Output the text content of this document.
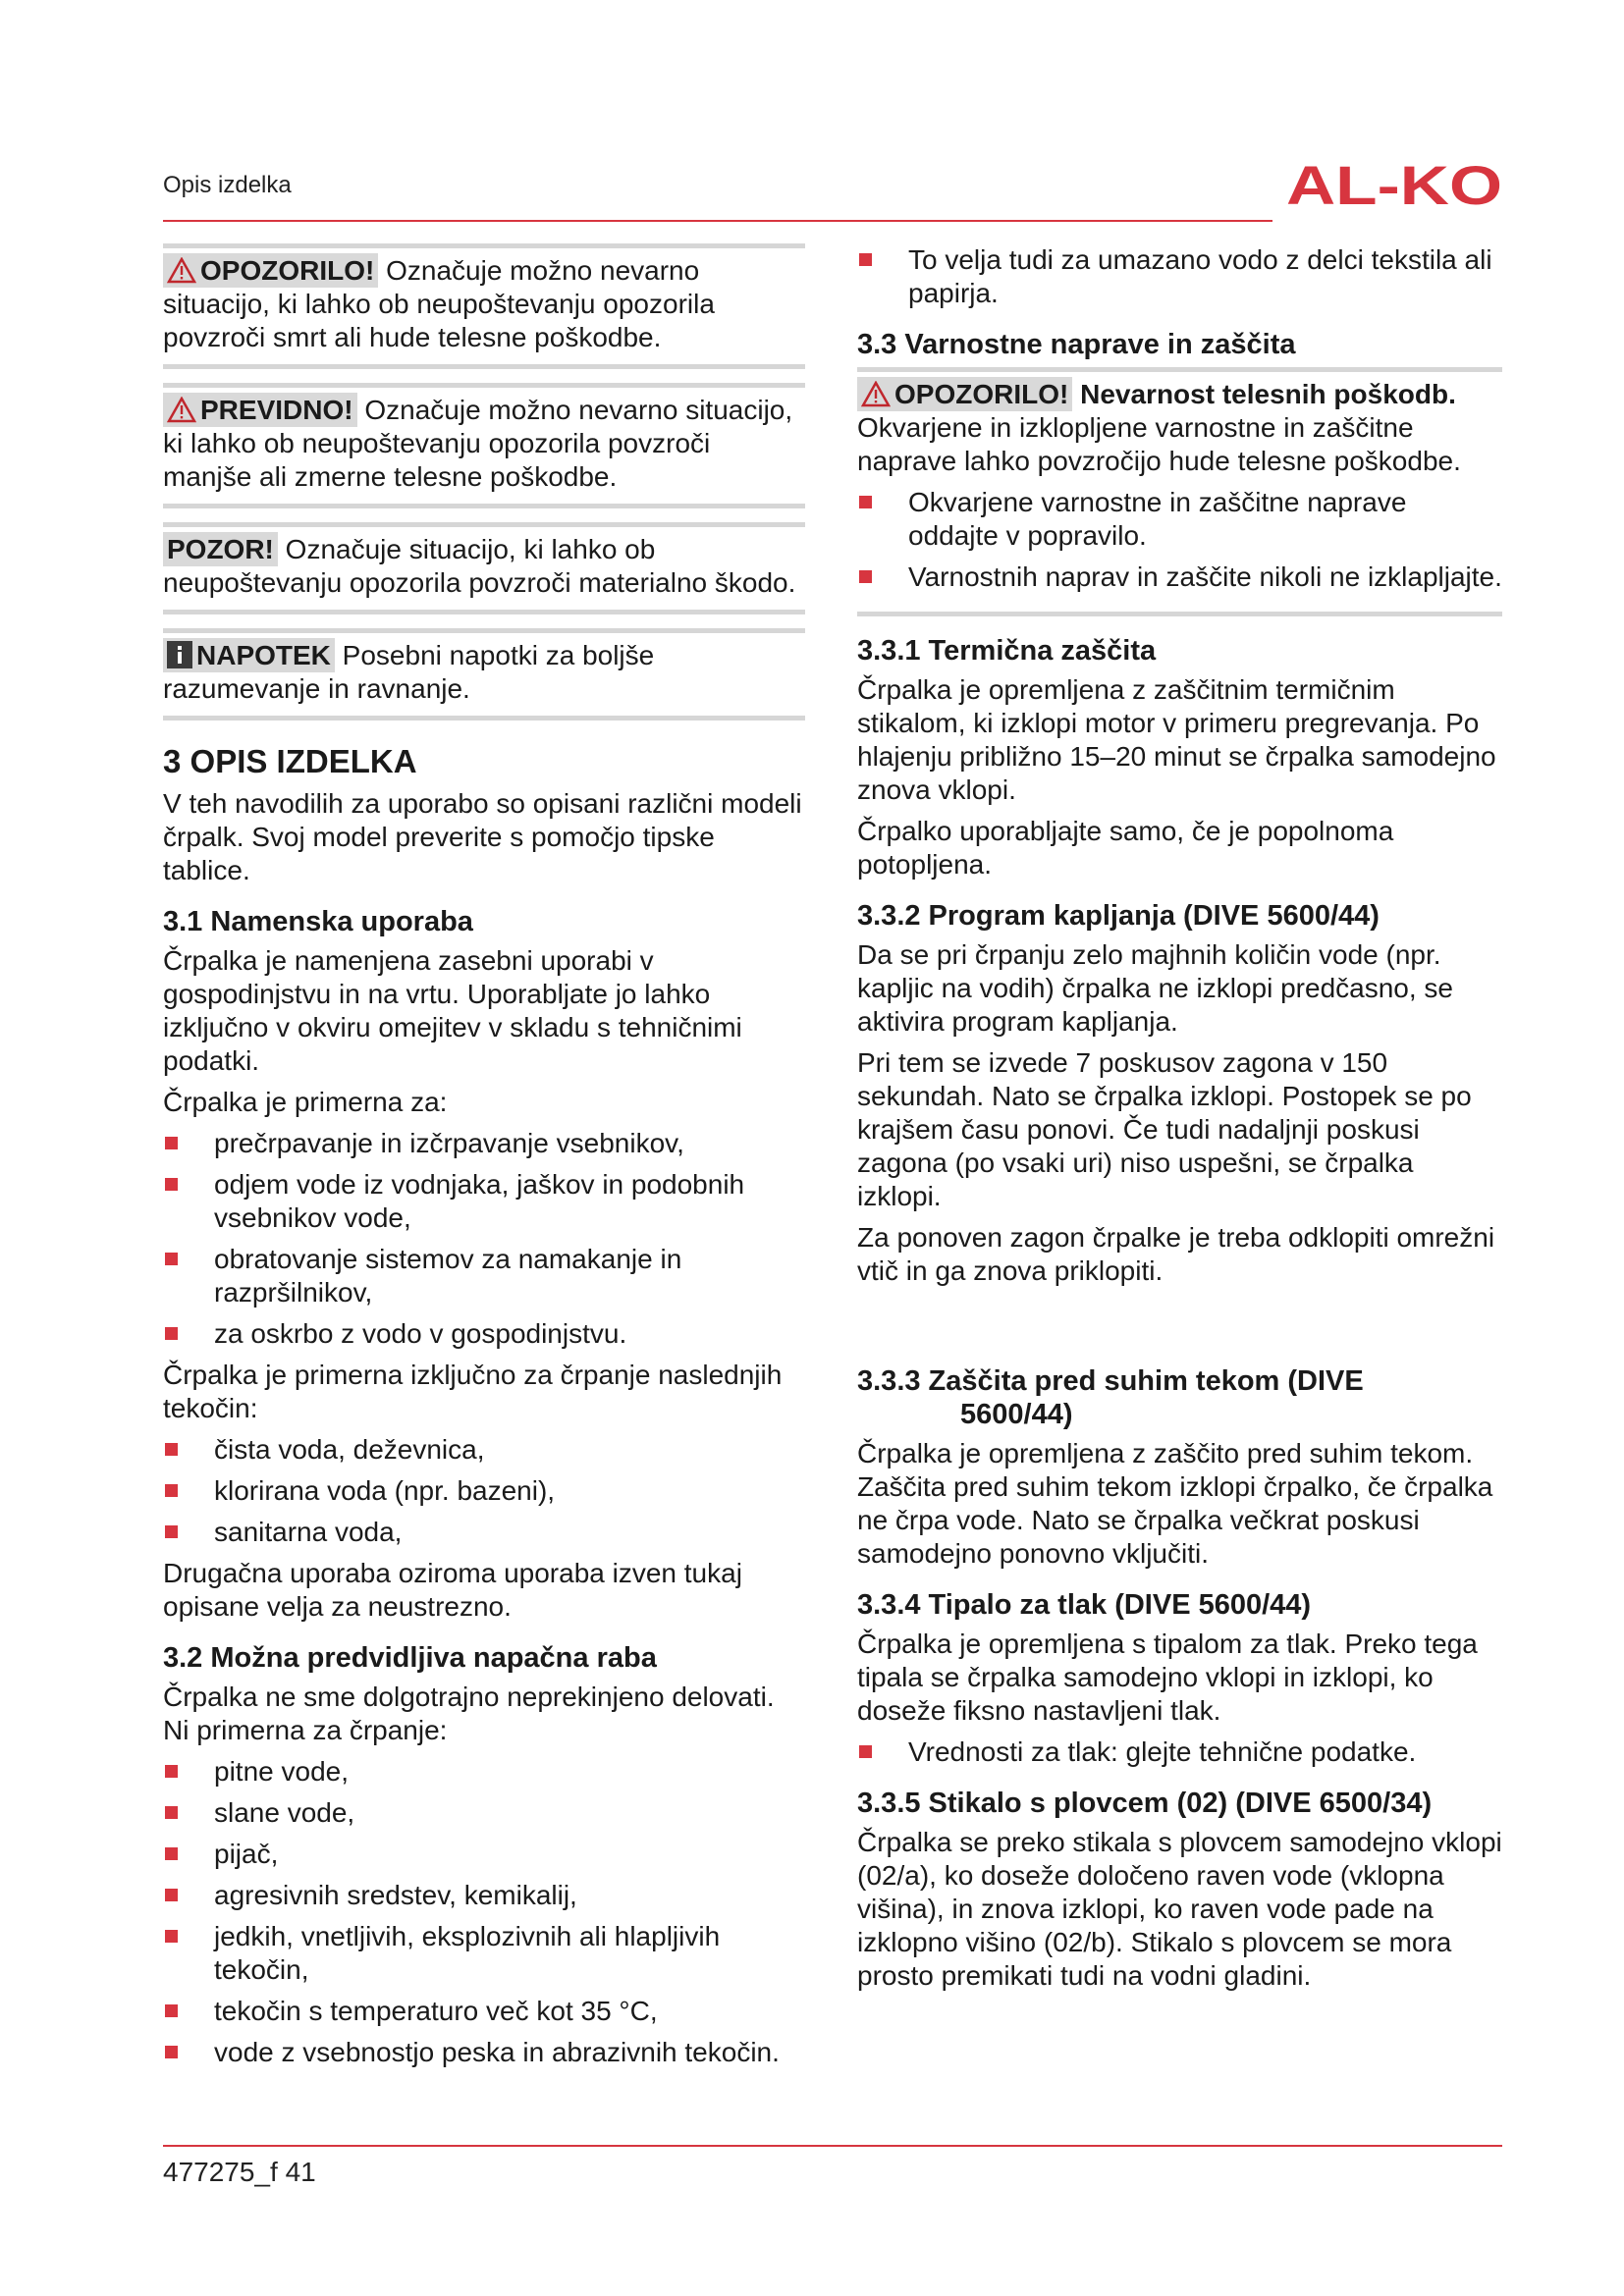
Opis izdelka	AL-KO

OPOZORILO! Označuje možno nevarno situacijo, ki lahko ob neupoštevanju opozorila povzroči smrt ali hude telesne poškodbe.

PREVIDNO! Označuje možno nevarno situacijo, ki lahko ob neupoštevanju opozorila povzroči manjše ali zmerne telesne poškodbe.

POZOR! Označuje situacijo, ki lahko ob neupoštevanju opozorila povzroči materialno škodo.

NAPOTEK Posebni napotki za boljše razumevanje in ravnanje.

3 OPIS IZDELKA

V teh navodilih za uporabo so opisani različni modeli črpalk. Svoj model preverite s pomočjo tipske tablice.

3.1 Namenska uporaba

Črpalka je namenjena zasebni uporabi v gospodinjstvu in na vrtu. Uporabljate jo lahko izključno v okviru omejitev v skladu s tehničnimi podatki.

Črpalka je primerna za:

prečrpavanje in izčrpavanje vsebnikov,
odjem vode iz vodnjaka, jaškov in podobnih vsebnikov vode,
obratovanje sistemov za namakanje in razpršilnikov,
za oskrbo z vodo v gospodinjstvu.

Črpalka je primerna izključno za črpanje naslednjih tekočin:

čista voda, deževnica,
klorirana voda (npr. bazeni),
sanitarna voda,

Drugačna uporaba oziroma uporaba izven tukaj opisane velja za neustrezno.

3.2 Možna predvidljiva napačna raba

Črpalka ne sme dolgotrajno neprekinjeno delovati. Ni primerna za črpanje:

pitne vode,
slane vode,
pijač,
agresivnih sredstev, kemikalij,
jedkih, vnetljivih, eksplozivnih ali hlapljivih tekočin,
tekočin s temperaturo več kot 35 °C,
vode z vsebnostjo peska in abrazivnih tekočin.
To velja tudi za umazano vodo z delci tekstila ali papirja.
3.3 Varnostne naprave in zaščita

OPOZORILO! Nevarnost telesnih poškodb. Okvarjene in izklopljene varnostne in zaščitne naprave lahko povzročijo hude telesne poškodbe.

Okvarjene varnostne in zaščitne naprave oddajte v popravilo.
Varnostnih naprav in zaščite nikoli ne izklapljajte.
3.3.1 Termična zaščita

Črpalka je opremljena z zaščitnim termičnim stikalom, ki izklopi motor v primeru pregrevanja. Po hlajenju približno 15–20 minut se črpalka samodejno znova vklopi.

Črpalko uporabljajte samo, če je popolnoma potopljena.

3.3.2 Program kapljanja (DIVE 5600/44)

Da se pri črpanju zelo majhnih količin vode (npr. kapljic na vodih) črpalka ne izklopi predčasno, se aktivira program kapljanja.

Pri tem se izvede 7 poskusov zagona v 150 sekundah. Nato se črpalka izklopi. Postopek se po krajšem času ponovi. Če tudi nadaljnji poskusi zagona (po vsaki uri) niso uspešni, se črpalka izklopi.

Za ponoven zagon črpalke je treba odklopiti omrežni vtič in ga znova priklopiti.

3.3.3 Zaščita pred suhim tekom (DIVE
5600/44)

Črpalka je opremljena z zaščito pred suhim tekom. Zaščita pred suhim tekom izklopi črpalko, če črpalka ne črpa vode. Nato se črpalka večkrat poskusi samodejno ponovno vključiti.

3.3.4 Tipalo za tlak (DIVE 5600/44)

Črpalka je opremljena s tipalom za tlak. Preko tega tipala se črpalka samodejno vklopi in izklopi, ko doseže fiksno nastavljeni tlak.

Vrednosti za tlak: glejte tehnične podatke.
3.3.5 Stikalo s plovcem (02) (DIVE 6500/34)

Črpalka se preko stikala s plovcem samodejno vklopi (02/a), ko doseže določeno raven vode (vklopna višina), in znova izklopi, ko raven vode pade na izklopno višino (02/b). Stikalo s plovcem se mora prosto premikati tudi na vodni gladini.

477275_f 41
